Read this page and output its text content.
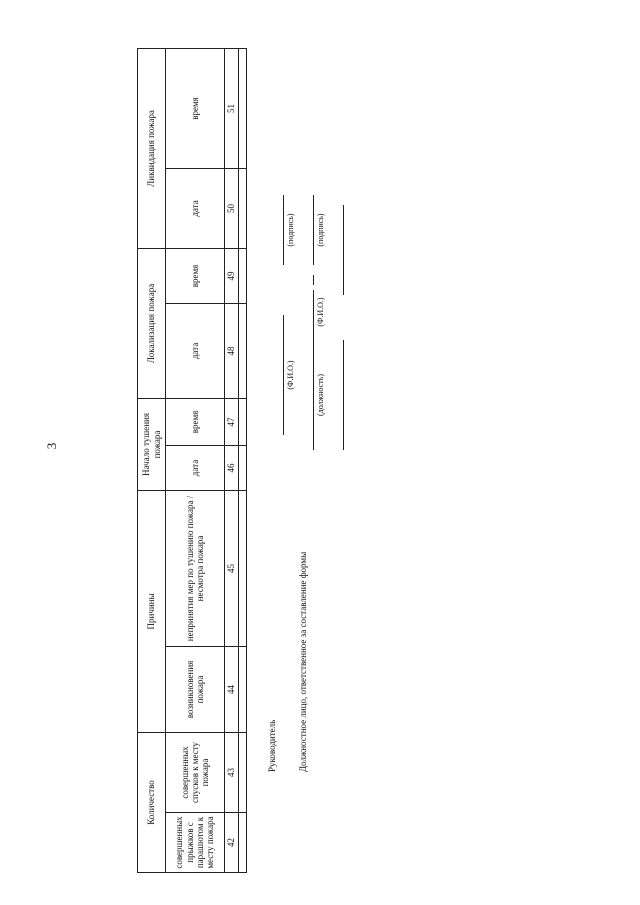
3
Количество		Причины		Начало тушения пожара		Локализация пожара		Ликвидация пожара	
совершенных прыжков с парашютом к месту пожара	совершенных спусков к месту пожара	возникновения пожара	непринятия мер по тушению пожара / несмотра пожара	дата	время	дата	время	дата	время
42	43	44	45	46	47	48	49	50	51

Руководитель Должностное лицо, ответственное за составление формы
(Ф.И.О.)
(подпись)
(должность)
(Ф.И.О.)
(подпись)
